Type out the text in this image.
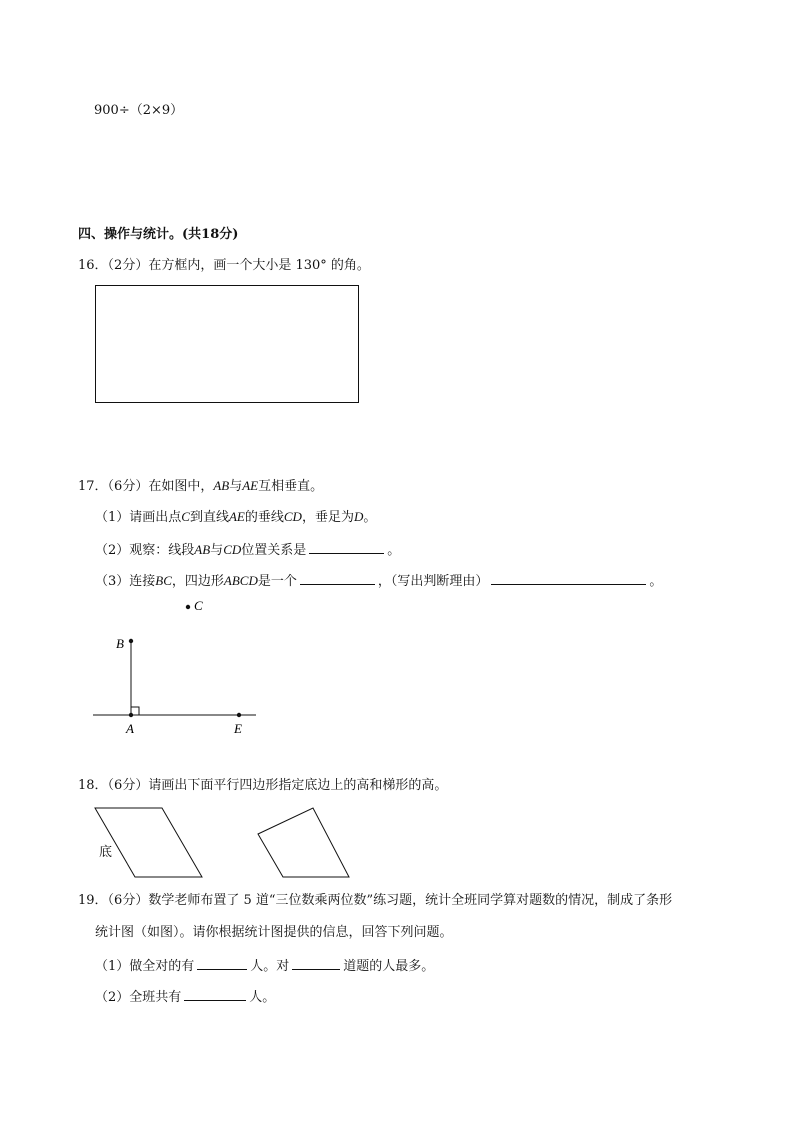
900÷（2×9）
四、操作与统计。(共18分)
16．（2分）在方框内，画一个大小是 130° 的角。
17．（6分）在如图中，AB与AE互相垂直。
（1）请画出点C到直线AE的垂线CD，垂足为D。
（2）观察：线段AB与CD位置关系是	。
（3）连接BC，四边形ABCD是一个	，（写出判断理由）	。
C
B
A	E
18．（6分）请画出下面平行四边形指定底边上的高和梯形的高。
底
19．（6分）数学老师布置了 5 道“三位数乘两位数”练习题，统计全班同学算对题数的情况，制成了条形
统计图（如图）。请你根据统计图提供的信息，回答下列问题。
（1）做全对的有	人。对	道题的人最多。
（2）全班共有	人。
